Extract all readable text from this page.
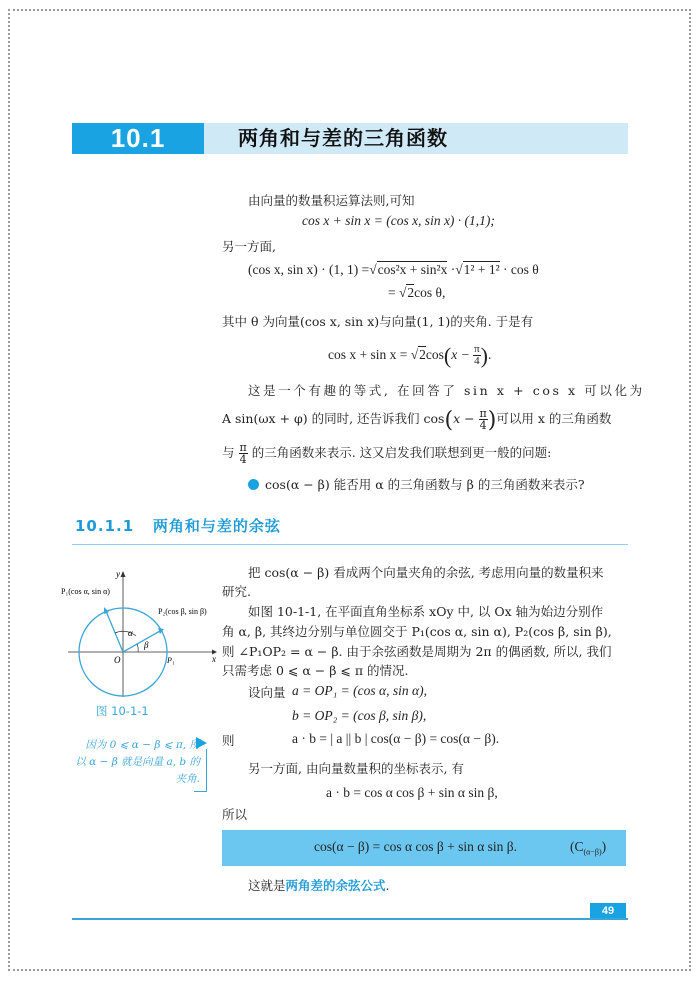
10.1	两角和与差的三角函数
由向量的数量积运算法则,可知
cos x + sin x = (cos x, sin x) · (1,1);
另一方面,
(cos x, sin x) · (1, 1) =√cos²x + sin²x ·√1² + 1² · cos θ
= √2cos θ,
其中 θ 为向量(cos x, sin x)与向量(1, 1)的夹角. 于是有
$\cos x + \sin x = √2\cos(x - \frac{\pi}{4}$ ).
这是一个有趣的等式, 在回答了 sin x + cos x 可以化为
A sin(ωx + φ) 的同时, 还告诉我们 $\cos(x - \frac{\pi}{4}$ )可以用 x 的三角函数
与 $\frac{\pi}{4}$ 的三角函数来表示. 这又启发我们联想到更一般的问题:
cos(α − β) 能否用 α 的三角函数与 β 的三角函数来表示?
10.1.1 两角和与差的余弦
y
x
O
P₁(cos α, sin α)
P₂(cos β, sin β)
P₁
α
β
图 10-1-1
把 cos(α − β) 看成两个向量夹角的余弦, 考虑用向量的数量积来
研究.
如图 10-1-1, 在平面直角坐标系 xOy 中, 以 Ox 轴为始边分别作
角 α, β, 其终边分别与单位圆交于 P₁(cos α, sin α), P₂(cos β, sin β),
则 ∠P₁OP₂ = α − β. 由于余弦函数是周期为 2π 的偶函数, 所以, 我们
只需考虑 0 ⩽ α − β ⩽ π 的情况.
设向量 a = OP₁ = (cos α, sin α),
b = OP₂ = (cos β, sin β),
则	a · b = | a || b | cos(α − β) = cos(α − β).
另一方面, 由向量数量积的坐标表示, 有
a · b = cos α cos β + sin α sin β,
所以
cos(α − β) = cos α cos β + sin α sin β.	$(C_{(\alpha-\beta)})$
这就是两角差的余弦公式.
因为 0 ⩽ α − β ⩽ π, 所以 α − β 就是向量 a, b 的夹角.
49
